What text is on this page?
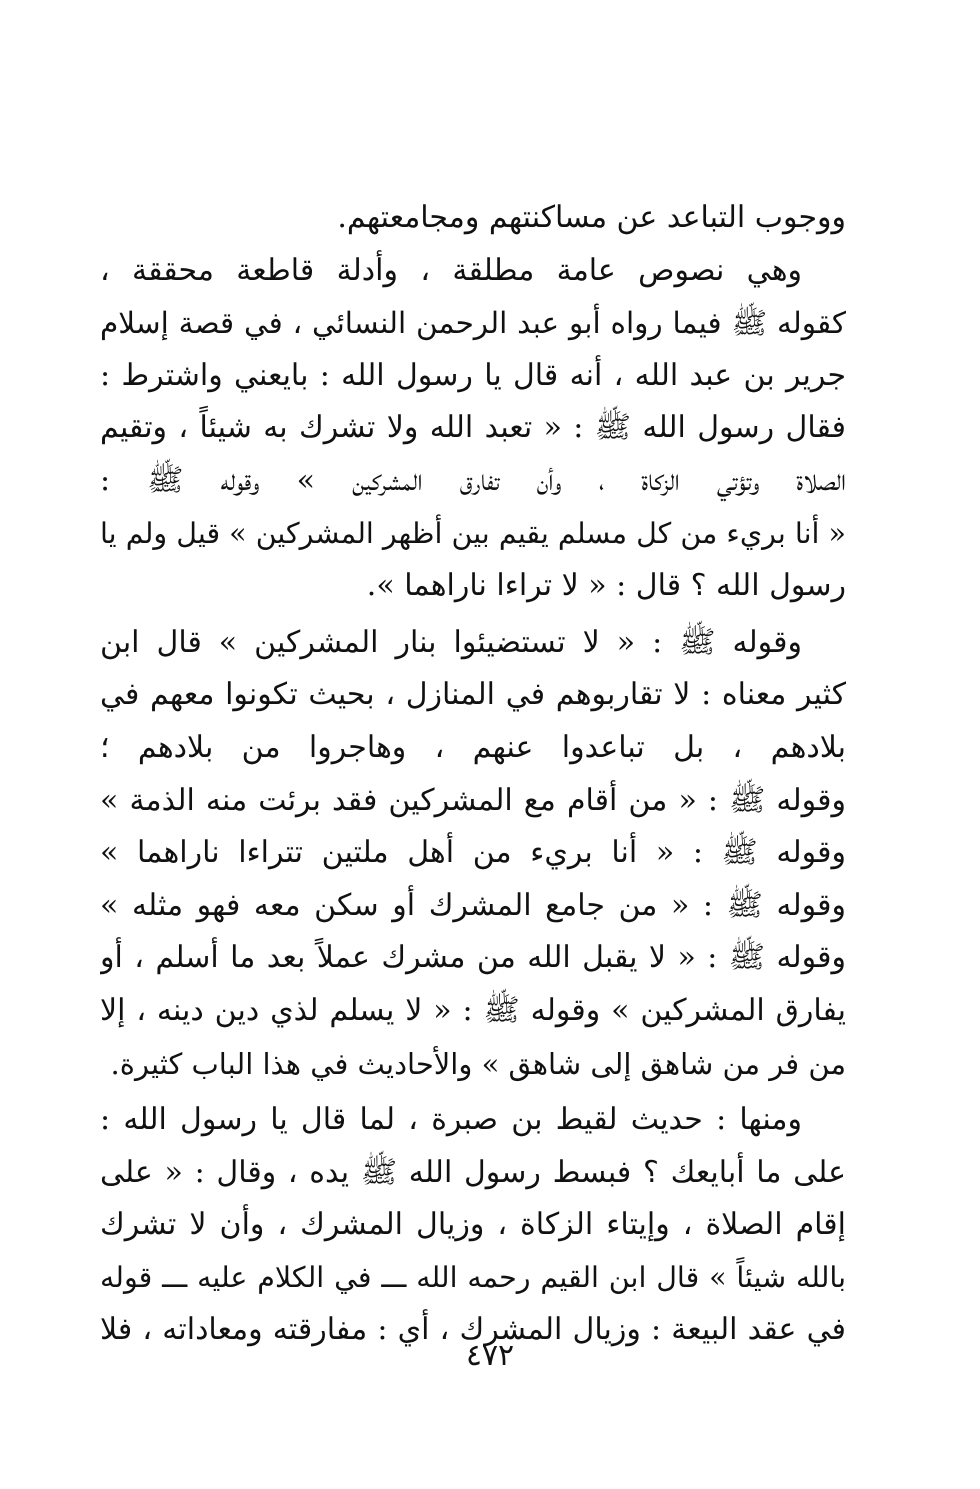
ووجوب التباعد عن مساكنتهم ومجامعتهم.
وهي نصوص عامة مطلقة ، وأدلة قاطعة محققة ،
كقوله ﷺ فيما رواه أبو عبد الرحمن النسائي ، في قصة إسلام
جرير بن عبد الله ، أنه قال يا رسول الله : بايعني واشترط :
فقال رسول الله ﷺ : « تعبد الله ولا تشرك به شيئاً ، وتقيم
الصلاة وتؤتي الزكاة ، وأن تفارق المشركين » وقوله ﷺ :
« أنا بريء من كل مسلم يقيم بين أظهر المشركين » قيل ولم يا
رسول الله ؟ قال : « لا تراءا ناراهما ».
وقوله ﷺ : « لا تستضيئوا بنار المشركين » قال ابن
كثير معناه : لا تقاربوهم في المنازل ، بحيث تكونوا معهم في
بلادهم ، بل تباعدوا عنهم ، وهاجروا من بلادهم ؛
وقوله ﷺ : « من أقام مع المشركين فقد برئت منه الذمة »
وقوله ﷺ : « أنا بريء من أهل ملتين تتراءا ناراهما »
وقوله ﷺ : « من جامع المشرك أو سكن معه فهو مثله »
وقوله ﷺ : « لا يقبل الله من مشرك عملاً بعد ما أسلم ، أو
يفارق المشركين » وقوله ﷺ : « لا يسلم لذي دين دينه ، إلا
من فر من شاهق إلى شاهق » والأحاديث في هذا الباب كثيرة.
ومنها : حديث لقيط بن صبرة ، لما قال يا رسول الله :
على ما أبايعك ؟ فبسط رسول الله ﷺ يده ، وقال : « على
إقام الصلاة ، وإيتاء الزكاة ، وزيال المشرك ، وأن لا تشرك
بالله شيئاً » قال ابن القيم رحمه الله ـــ في الكلام عليه ـــ قوله
في عقد البيعة : وزيال المشرك ، أي : مفارقته ومعاداته ، فلا
٤٧٢
